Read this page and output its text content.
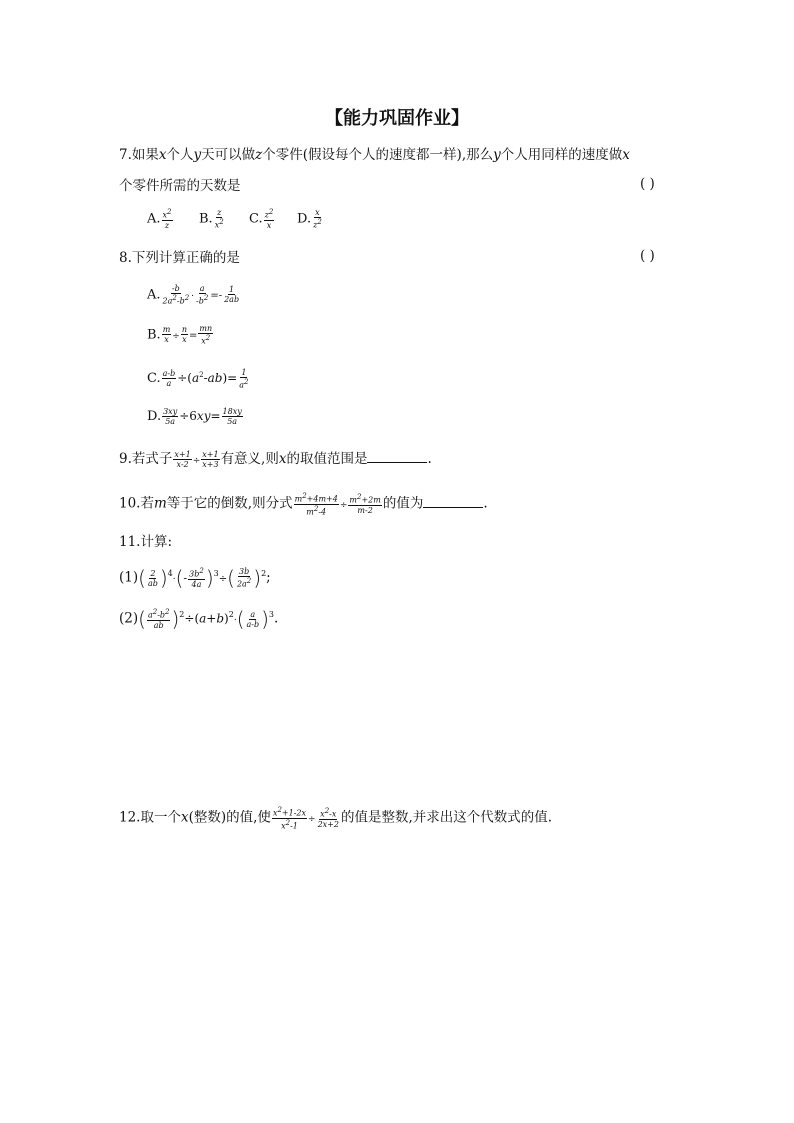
【能力巩固作业】
7.如果x个人y天可以做z个零件(假设每个人的速度都一样),那么y个人用同样的速度做x
个零件所需的天数是	( )
A. $\frac{x^2}{z} B$. $\frac{z}{x^2} C$. $\frac{z^2}{x} D$. $\frac{x}{z^2}$
8.下列计算正确的是	( )
A. $\frac{-b}{2a^2-b^2} \cdot \frac{a}{-b^2} =- \frac{1}{2ab}$
B. $\frac{m}{x} \div \frac{n}{x} = \frac{mn}{x^2}$
C. $\frac{a-b}{a} \div(a^2-ab)= \frac{1}{a^2}$
D. $\frac{3xy}{5a} \div 6xy= \frac{18xy}{5a}$
9.若式子 $\frac{x+1}{x-2} \div \frac{x+1}{x+3}$ 有意义,则x的取值范围是	.
10.若m等于它的倒数,则分式 $\frac{m^2+4m+4}{m^2-4} \div \frac{m^2+2m}{m-2}$ 的值为	.
11.计算:
$(1)( \frac{2}{ab} )^4\cdot(- \frac{3b^2}{4a} )^3\div( \frac{3b}{2a^2} )^2$;
$(2)( \frac{a^2-b^2}{ab} )^2\div(a+b)^2\cdot( \frac{a}{a-b} )^3$.
12.取一个x(整数)的值,使 $\frac{x^2+1-2x}{x^2-1} \div \frac{x^2-x}{2x+2}$ 的值是整数,并求出这个代数式的值.
